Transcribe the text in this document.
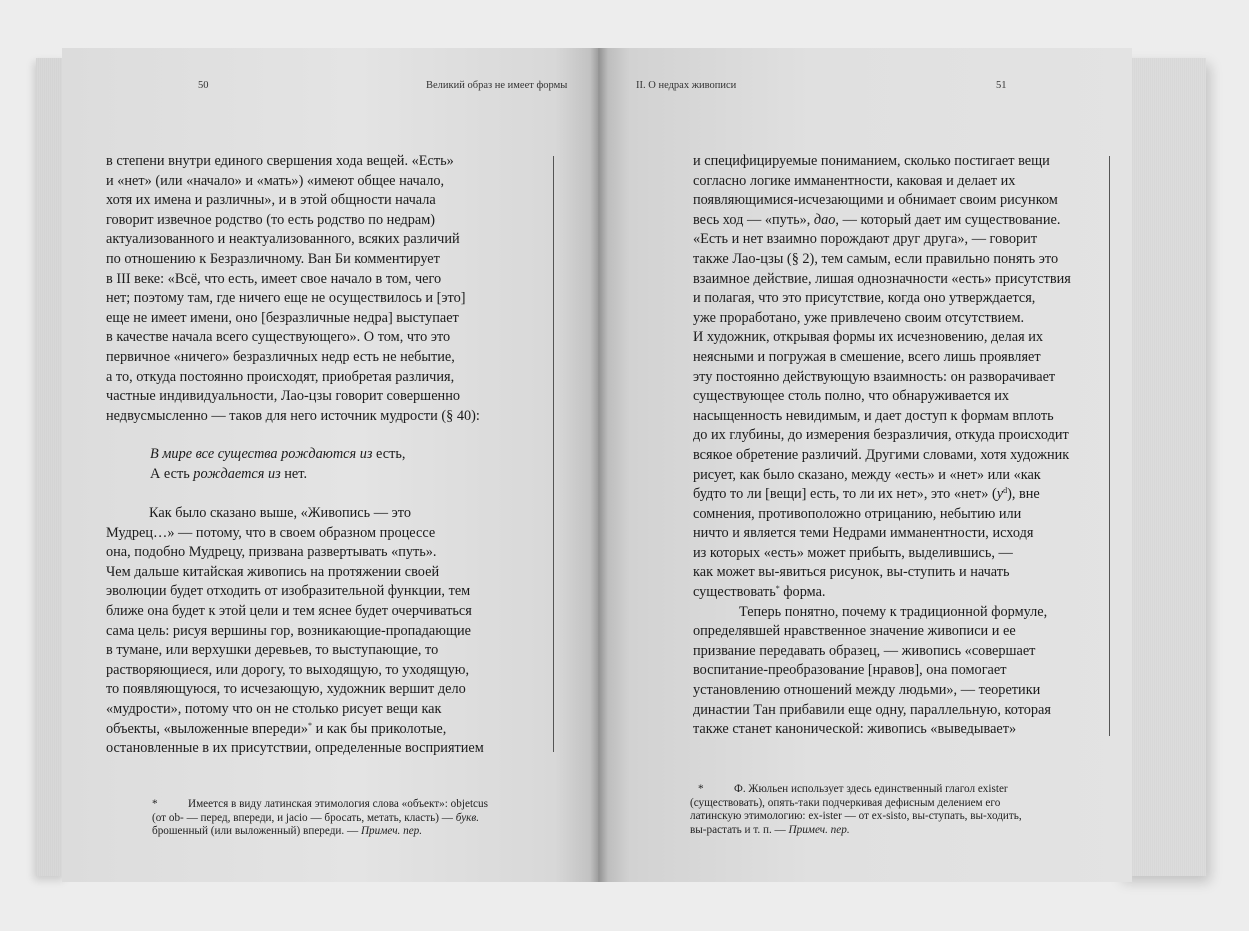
50	Великий образ не имеет формы	II. О недрах живописи	51
в степени внутри единого свершения хода вещей. «Есть»
и «нет» (или «начало» и «мать») «имеют общее начало,
хотя их имена и различны», и в этой общности начала
говорит извечное родство (то есть родство по недрам)
актуализованного и неактуализованного, всяких различий
по отношению к Безразличному. Ван Би комментирует
в III веке: «Всё, что есть, имеет свое начало в том, чего
нет; поэтому там, где ничего еще не осуществилось и [это]
еще не имеет имени, оно [безразличные недра] выступает
в качестве начала всего существующего». О том, что это
первичное «ничего» безразличных недр есть не небытие,
а то, откуда постоянно происходят, приобретая различия,
частные индивидуальности, Лао-цзы говорит совершенно
недвусмысленно — таков для него источник мудрости (§ 40):
В мире все существа рождаются из есть,
А есть рождается из нет.
Как было сказано выше, «Живопись — это
Мудрец…» — потому, что в своем образном процессе
она, подобно Мудрецу, призвана развертывать «путь».
Чем дальше китайская живопись на протяжении своей
эволюции будет отходить от изобразительной функции, тем
ближе она будет к этой цели и тем яснее будет очерчиваться
сама цель: рисуя вершины гор, возникающие-пропадающие
в тумане, или верхушки деревьев, то выступающие, то
растворяющиеся, или дорогу, то выходящую, то уходящую,
то появляющуюся, то исчезающую, художник вершит дело
«мудрости», потому что он не столько рисует вещи как
объекты, «выложенные впереди»* и как бы приколотые,
остановленные в их присутствии, определенные восприятием
*	Имеется в виду латинская этимология слова «объект»: objetcus
(от ob- — перед, впереди, и jacio — бросать, метать, класть) — букв.
брошенный (или выложенный) впереди. — Примеч. пер.
и специфицируемые пониманием, сколько постигает вещи
согласно логике имманентности, каковая и делает их
появляющимися-исчезающими и обнимает своим рисунком
весь ход — «путь», дао, — который дает им существование.
«Есть и нет взаимно порождают друг друга», — говорит
также Лао-цзы (§ 2), тем самым, если правильно понять это
взаимное действие, лишая однозначности «есть» присутствия
и полагая, что это присутствие, когда оно утверждается,
уже проработано, уже привлечено своим отсутствием.
И художник, открывая формы их исчезновению, делая их
неясными и погружая в смешение, всего лишь проявляет
эту постоянно действующую взаимность: он разворачивает
существующее столь полно, что обнаруживается их
насыщенность невидимым, и дает доступ к формам вплоть
до их глубины, до измерения безразличия, откуда происходит
всякое обретение различий. Другими словами, хотя художник
рисует, как было сказано, между «есть» и «нет» или «как
будто то ли [вещи] есть, то ли их нет», это «нет» $(y^d)$, вне
сомнения, противоположно отрицанию, небытию или
ничто и является теми Недрами имманентности, исходя
из которых «есть» может прибыть, выделившись, —
как может вы-явиться рисунок, вы-ступить и начать
существовать* форма.
Теперь понятно, почему к традиционной формуле,
определявшей нравственное значение живописи и ее
призвание передавать образец, — живопись «совершает
воспитание-преобразование [нравов], она помогает
установлению отношений между людьми», — теоретики
династии Тан прибавили еще одну, параллельную, которая
также станет канонической: живопись «выведывает»
*	Ф. Жюльен использует здесь единственный глагол exister
(существовать), опять-таки подчеркивая дефисным делением его
латинскую этимологию: ex-ister — от ex-sisto, вы-ступать, вы-ходить,
вы-растать и т. п. — Примеч. пер.
